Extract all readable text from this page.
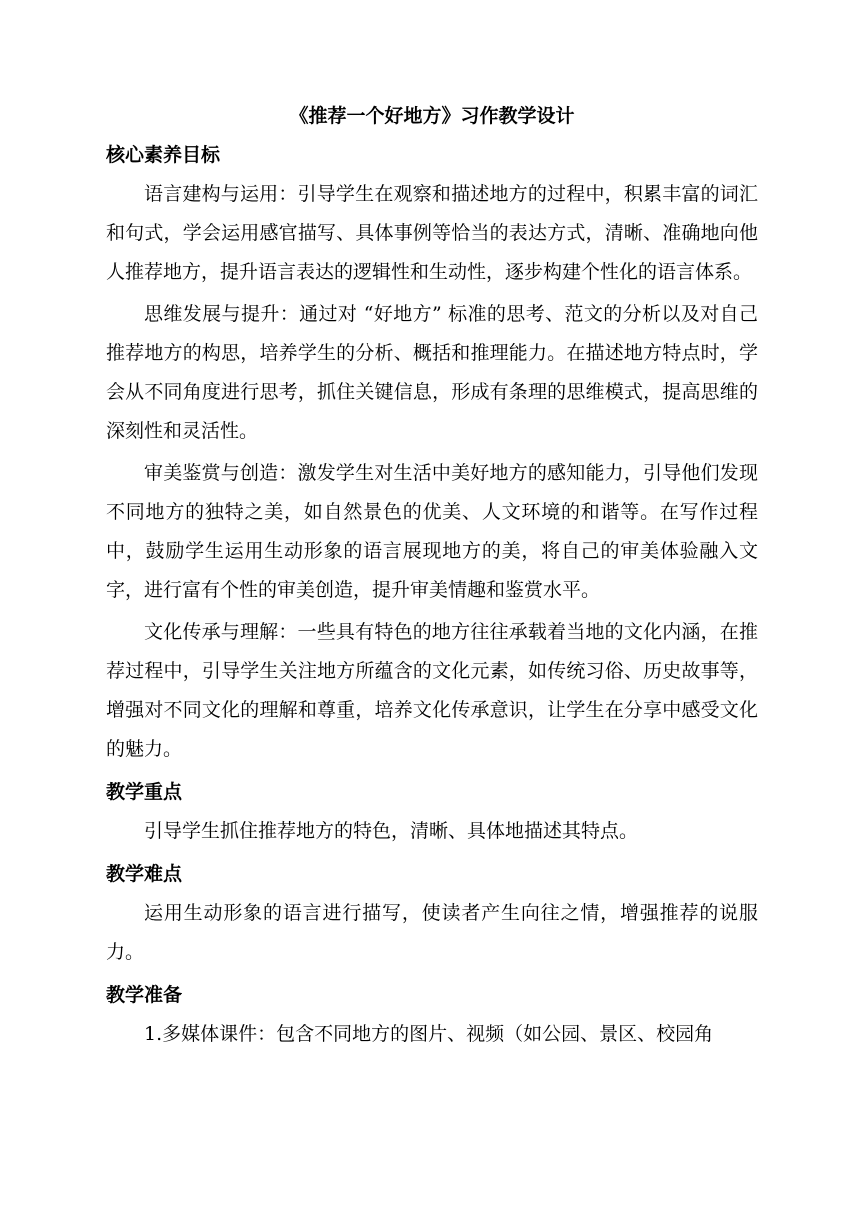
《推荐一个好地方》习作教学设计
核心素养目标

语言建构与运用：引导学生在观察和描述地方的过程中，积累丰富的词汇和句式，学会运用感官描写、具体事例等恰当的表达方式，清晰、准确地向他人推荐地方，提升语言表达的逻辑性和生动性，逐步构建个性化的语言体系。

思维发展与提升：通过对 “好地方” 标准的思考、范文的分析以及对自己推荐地方的构思，培养学生的分析、概括和推理能力。在描述地方特点时，学会从不同角度进行思考，抓住关键信息，形成有条理的思维模式，提高思维的深刻性和灵活性。

审美鉴赏与创造：激发学生对生活中美好地方的感知能力，引导他们发现不同地方的独特之美，如自然景色的优美、人文环境的和谐等。在写作过程中，鼓励学生运用生动形象的语言展现地方的美，将自己的审美体验融入文字，进行富有个性的审美创造，提升审美情趣和鉴赏水平。

文化传承与理解：一些具有特色的地方往往承载着当地的文化内涵，在推荐过程中，引导学生关注地方所蕴含的文化元素，如传统习俗、历史故事等，增强对不同文化的理解和尊重，培养文化传承意识，让学生在分享中感受文化的魅力。

教学重点

引导学生抓住推荐地方的特色，清晰、具体地描述其特点。

教学难点

运用生动形象的语言进行描写，使读者产生向往之情，增强推荐的说服力。

教学准备

1.多媒体课件：包含不同地方的图片、视频（如公园、景区、校园角
